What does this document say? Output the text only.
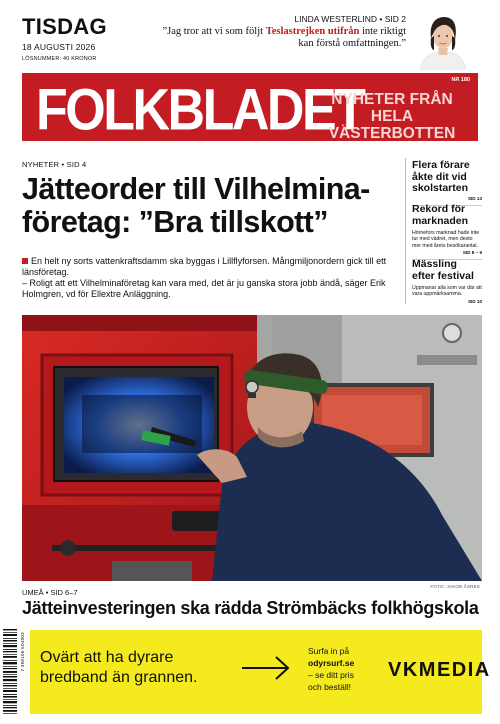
TISDAG
18 AUGUSTI 2026
LÖSNUMMER: 40 KRONOR
LINDA WESTERLIND • SID 2
”Jag tror att vi som följt Teslastrejken utifrån inte riktigt kan förstå omfattningen.”
FOLKBLADET	NR 180
NYHETER FRÅN HELA
VÄSTERBOTTEN
NYHETER • SID 4
Jätteorder till Vilhelmina-
företag: ”Bra tillskott”
En helt ny sorts vattenkraftsdamm ska byggas i Lillflyforsen. Mångmiljonordern gick till ett länsföretag.
– Roligt att ett Vilhelminaföretag kan vara med, det är ju ganska stora jobb ändå, säger Erik Holmgren, vd för Ellextre Anläggning.
Flera förare åkte dit vid skolstarten
SID 13
Rekord för marknaden
Hörnefors marknad hade inte tur med vädret, men desto mer med årets besökarantal.
SID 8 – 9
Mässling efter festival
Uppmanar alla som var där att vara uppmärksamma.
SID 10
FOTO: JAKOB ÅSRES
UMEÅ • SID 6–7
Jätteinvesteringen ska rädda Strömbäcks folkhögskola
7 388106 504003 Ovärt att ha dyrare
bredband än grannen.
Surfa in på
odyrsurf.se
– se ditt pris
och beställ!
VKMEDIA
